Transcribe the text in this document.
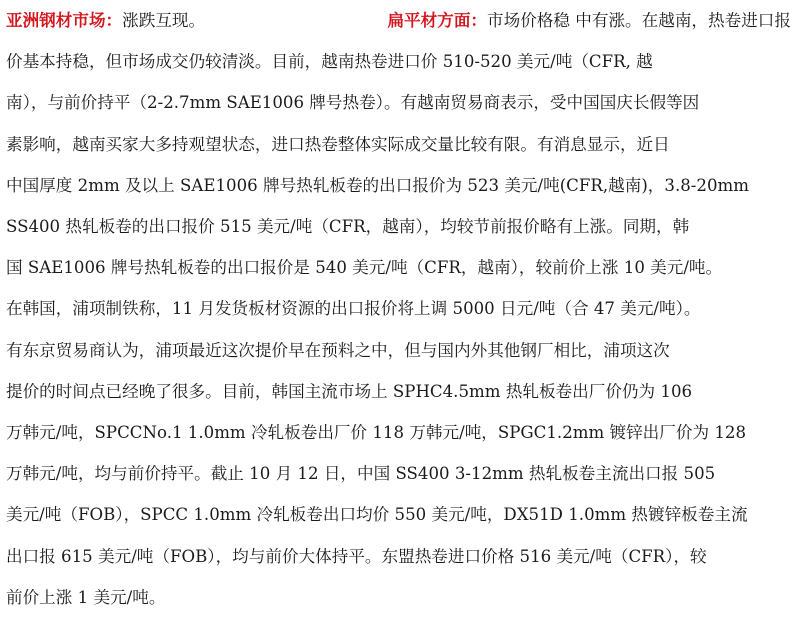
亚洲钢材市场：涨跌互现。	扁平材方面：市场价格稳 中有涨。在越南，热卷进口报
价基本持稳，但市场成交仍较清淡。目前，越南热卷进口价 510-520 美元/吨（CFR, 越
南），与前价持平（2-2.7mm SAE1006 牌号热卷）。有越南贸易商表示，受中国国庆长假等因
素影响，越南买家大多持观望状态，进口热卷整体实际成交量比较有限。有消息显示，近日
中国厚度 2mm 及以上 SAE1006 牌号热轧板卷的出口报价为 523 美元/吨(CFR,越南)，3.8-20mm
SS400 热轧板卷的出口报价 515 美元/吨（CFR，越南），均较节前报价略有上涨。同期，韩
国 SAE1006 牌号热轧板卷的出口报价是 540 美元/吨（CFR，越南），较前价上涨 10 美元/吨。
在韩国，浦项制铁称，11 月发货板材资源的出口报价将上调 5000 日元/吨（合 47 美元/吨）。
有东京贸易商认为，浦项最近这次提价早在预料之中，但与国内外其他钢厂相比，浦项这次
提价的时间点已经晚了很多。目前，韩国主流市场上 SPHC4.5mm 热轧板卷出厂价仍为 106
万韩元/吨，SPCCNo.1 1.0mm 冷轧板卷出厂价 118 万韩元/吨，SPGC1.2mm 镀锌出厂价为 128
万韩元/吨，均与前价持平。截止 10 月 12 日，中国 SS400 3-12mm 热轧板卷主流出口报 505
美元/吨（FOB），SPCC 1.0mm 冷轧板卷出口均价 550 美元/吨，DX51D 1.0mm 热镀锌板卷主流
出口报 615 美元/吨（FOB），均与前价大体持平。东盟热卷进口价格 516 美元/吨（CFR），较
前价上涨 1 美元/吨。
